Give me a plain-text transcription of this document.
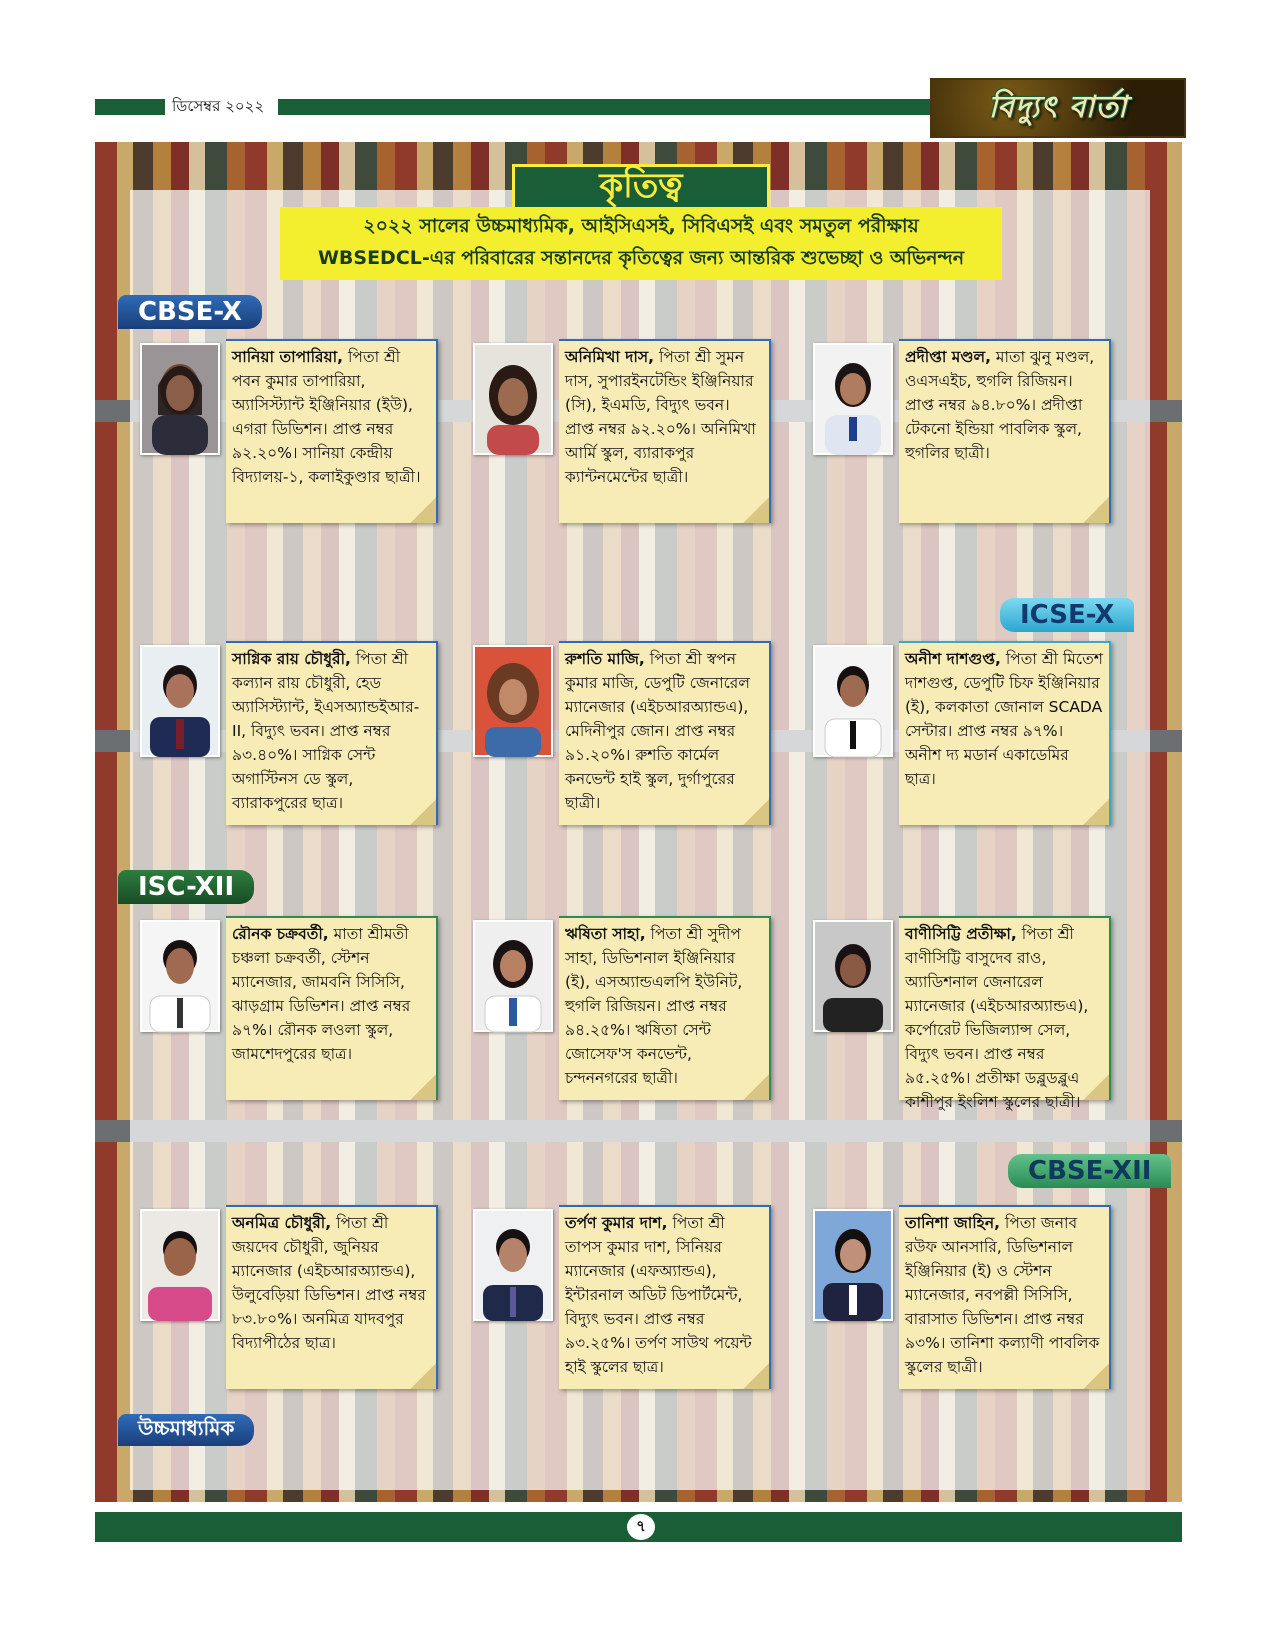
ডিসেম্বর ২০২২	বিদ্যুৎ বার্তা
কৃতিত্ব
২০২২ সালের উচ্চমাধ্যমিক, আইসিএসই, সিবিএসই এবং সমতুল পরীক্ষায়
WBSEDCL-এর পরিবারের সন্তানদের কৃতিত্বের জন্য আন্তরিক শুভেচ্ছা ও অভিনন্দন
CBSE-X
ICSE-X
ISC-XII
CBSE-XII
উচ্চমাধ্যমিক
সানিয়া তাপারিয়া, পিতা শ্রী পবন কুমার তাপারিয়া, অ্যাসিস্ট্যান্ট ইঞ্জিনিয়ার (ইউ), এগরা ডিভিশন। প্রাপ্ত নম্বর ৯২.২০%। সানিয়া কেন্দ্রীয় বিদ্যালয়-১, কলাইকুণ্ডার ছাত্রী।
অনিমিখা দাস, পিতা শ্রী সুমন দাস, সুপারইনটেন্ডিং ইঞ্জিনিয়ার (সি), ইএমডি, বিদ্যুৎ ভবন। প্রাপ্ত নম্বর ৯২.২০%। অনিমিখা আর্মি স্কুল, ব্যারাকপুর ক্যান্টনমেন্টের ছাত্রী।
প্রদীপ্তা মণ্ডল, মাতা ঝুনু মণ্ডল, ওএসএইচ, হুগলি রিজিয়ন। প্রাপ্ত নম্বর ৯৪.৮০%। প্রদীপ্তা টেকনো ইন্ডিয়া পাবলিক স্কুল, হুগলির ছাত্রী।
সাগ্নিক রায় চৌধুরী, পিতা শ্রী কল্যান রায় চৌধুরী, হেড অ্যাসিস্ট্যান্ট, ইএসঅ্যান্ডইআর-II, বিদ্যুৎ ভবন। প্রাপ্ত নম্বর ৯৩.৪০%। সাগ্নিক সেন্ট অগাস্টিনস ডে স্কুল, ব্যারাকপুরের ছাত্র।
রুশতি মাজি, পিতা শ্রী স্বপন কুমার মাজি, ডেপুটি জেনারেল ম্যানেজার (এইচআরঅ্যান্ডএ), মেদিনীপুর জোন। প্রাপ্ত নম্বর ৯১.২০%। রুশতি কার্মেল কনভেন্ট হাই স্কুল, দুর্গাপুরের ছাত্রী।
অনীশ দাশগুপ্ত, পিতা শ্রী মিতেশ দাশগুপ্ত, ডেপুটি চিফ ইঞ্জিনিয়ার (ই), কলকাতা জোনাল SCADA সেন্টার। প্রাপ্ত নম্বর ৯৭%। অনীশ দ্য মডার্ন একাডেমির ছাত্র।
রৌনক চক্রবর্তী, মাতা শ্রীমতী চঞ্চলা চক্রবর্তী, স্টেশন ম্যানেজার, জামবনি সিসিসি, ঝাড়গ্রাম ডিভিশন। প্রাপ্ত নম্বর ৯৭%। রৌনক লওলা স্কুল, জামশেদপুরের ছাত্র।
ঋষিতা সাহা, পিতা শ্রী সুদীপ সাহা, ডিভিশনাল ইঞ্জিনিয়ার (ই), এসঅ্যান্ডএলপি ইউনিট, হুগলি রিজিয়ন। প্রাপ্ত নম্বর ৯৪.২৫%। ঋষিতা সেন্ট জোসেফ'স কনভেন্ট, চন্দননগরের ছাত্রী।
বাণীসিট্টি প্রতীক্ষা, পিতা শ্রী বাণীসিট্টি বাসুদেব রাও, অ্যাডিশনাল জেনারেল ম্যানেজার (এইচআরঅ্যান্ডএ), কর্পোরেট ভিজিল্যান্স সেল, বিদ্যুৎ ভবন। প্রাপ্ত নম্বর ৯৫.২৫%। প্রতীক্ষা ডব্লুডব্লুএ কাশীপুর ইংলিশ স্কুলের ছাত্রী।
অনমিত্র চৌধুরী, পিতা শ্রী জয়দেব চৌধুরী, জুনিয়র ম্যানেজার (এইচআরঅ্যান্ডএ), উলুবেড়িয়া ডিভিশন। প্রাপ্ত নম্বর ৮৩.৮০%। অনমিত্র যাদবপুর বিদ্যাপীঠের ছাত্র।
তর্পণ কুমার দাশ, পিতা শ্রী তাপস কুমার দাশ, সিনিয়র ম্যানেজার (এফঅ্যান্ডএ), ইন্টারনাল অডিট ডিপার্টমেন্ট, বিদ্যুৎ ভবন। প্রাপ্ত নম্বর ৯৩.২৫%। তর্পণ সাউথ পয়েন্ট হাই স্কুলের ছাত্র।
তানিশা জাহিন, পিতা জনাব রউফ আনসারি, ডিভিশনাল ইঞ্জিনিয়ার (ই) ও স্টেশন ম্যানেজার, নবপল্লী সিসিসি, বারাসাত ডিভিশন। প্রাপ্ত নম্বর ৯৩%। তানিশা কল্যাণী পাবলিক স্কুলের ছাত্রী।
৭
